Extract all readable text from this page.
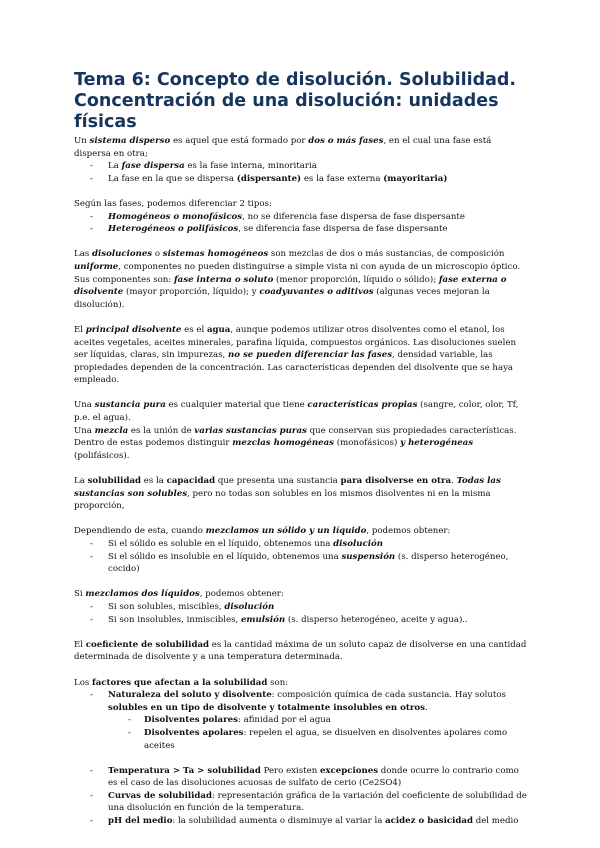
Tema 6: Concepto de disolución. Solubilidad.
Concentración de una disolución: unidades físicas

Un sistema disperso es aquel que está formado por dos o más fases, en el cual una fase está dispersa en otra;

- La fase dispersa es la fase interna, minoritaria
- La fase en la que se dispersa (dispersante) es la fase externa (mayoritaria)

Según las fases, podemos diferenciar 2 tipos:

- Homogéneos o monofásicos, no se diferencia fase dispersa de fase dispersante
- Heterogéneos o polifásicos, se diferencia fase dispersa de fase dispersante

Las disoluciones o sistemas homogéneos son mezclas de dos o más sustancias, de composición uniforme, componentes no pueden distinguirse a simple vista ni con ayuda de un microscopio óptico. Sus componentes son: fase interna o soluto (menor proporción, líquido o sólido); fase externa o disolvente (mayor proporción, líquido); y coadyuvantes o aditivos (algunas veces mejoran la disolución).

El principal disolvente es el agua, aunque podemos utilizar otros disolventes como el etanol, los aceites vegetales, aceites minerales, parafina líquida, compuestos orgánicos. Las disoluciones suelen ser líquidas, claras, sin impurezas, no se pueden diferenciar las fases, densidad variable, las propiedades dependen de la concentración. Las características dependen del disolvente que se haya empleado.

Una sustancia pura es cualquier material que tiene características propias (sangre, color, olor, Tf, p.e. el agua).

Una mezcla es la unión de varias sustancias puras que conservan sus propiedades características. Dentro de estas podemos distinguir mezclas homogéneas (monofásicos) y heterogéneas (polifásicos).

La solubilidad es la capacidad que presenta una sustancia para disolverse en otra. Todas las sustancias son solubles, pero no todas son solubles en los mismos disolventes ni en la misma proporción,

Dependiendo de esta, cuando mezclamos un sólido y un líquido, podemos obtener:

- Si el sólido es soluble en el líquido, obtenemos una disolución
- Si el sólido es insoluble en el líquido, obtenemos una suspensión (s. disperso heterogéneo, cocido)

Si mezclamos dos líquidos, podemos obtener:

- Si son solubles, miscibles, disolución
- Si son insolubles, inmiscibles, emulsión (s. disperso heterogéneo, aceite y agua)..

El coeficiente de solubilidad es la cantidad máxima de un soluto capaz de disolverse en una cantidad determinada de disolvente y a una temperatura determinada.

Los factores que afectan a la solubilidad son:

- Naturaleza del soluto y disolvente: composición química de cada sustancia. Hay solutos solubles en un tipo de disolvente y totalmente insolubles en otros.
- Disolventes polares: afinidad por el agua
- Disolventes apolares: repelen el agua, se disuelven en disolventes apolares como aceites
- Temperatura > Ta > solubilidad Pero existen excepciones donde ocurre lo contrario como es el caso de las disoluciones acuosas de sulfato de cerio (Ce2SO4)
- Curvas de solubilidad: representación gráfica de la variación del coeficiente de solubilidad de una disolución en función de la temperatura.
- pH del medio: la solubilidad aumenta o disminuye al variar la acidez o basicidad del medio
